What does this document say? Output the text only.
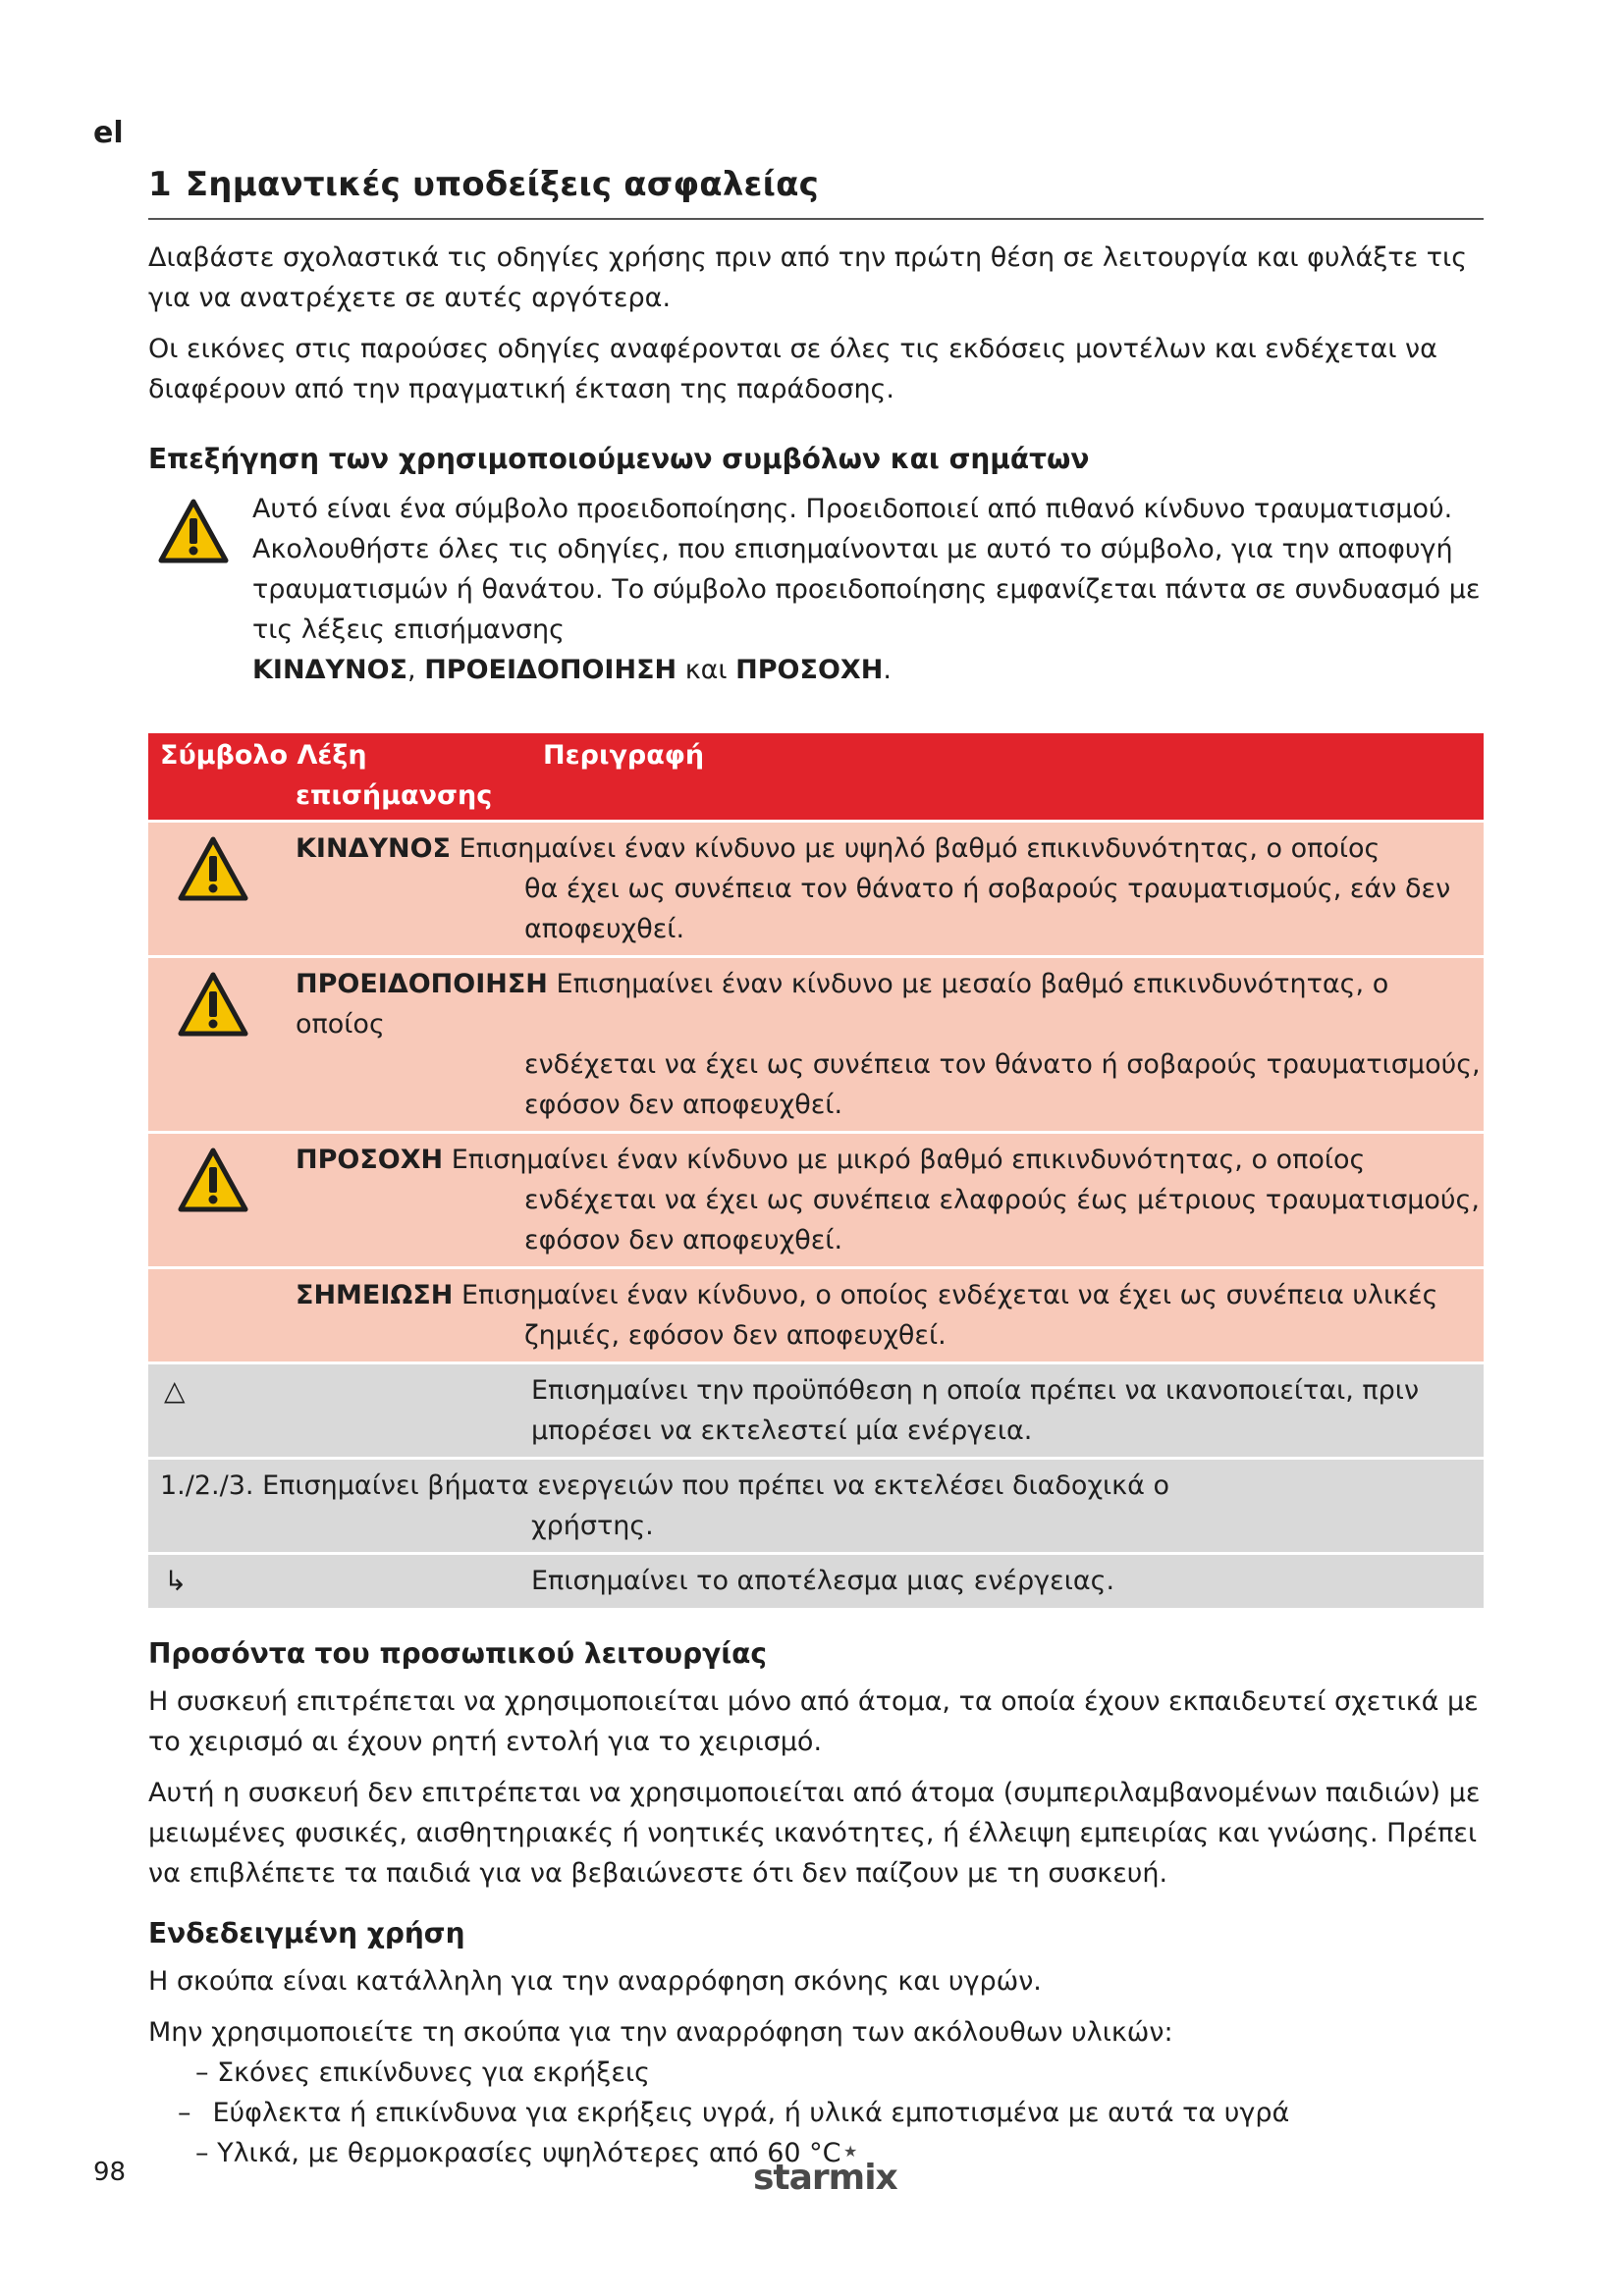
el
1 Σημαντικές υποδείξεις ασφαλείας

Διαβάστε σχολαστικά τις οδηγίες χρήσης πριν από την πρώτη θέση σε λειτουργία και φυλάξτε τις για να ανατρέχετε σε αυτές αργότερα.

Οι εικόνες στις παρούσες οδηγίες αναφέρονται σε όλες τις εκδόσεις μοντέλων και ενδέχεται να διαφέρουν από την πραγματική έκταση της παράδοσης.

Επεξήγηση των χρησιμοποιούμενων συμβόλων και σημάτων
Αυτό είναι ένα σύμβολο προειδοποίησης. Προειδοποιεί από πιθανό κίνδυνο τραυματισμού. Ακολουθήστε όλες τις οδηγίες, που επισημαίνονται με αυτό το σύμβολο, για την αποφυγή τραυματισμών ή θανάτου. Το σύμβολο προειδοποίησης εμφανίζεται πάντα σε συνδυασμό με τις λέξεις επισήμανσης
ΚΙΝΔΥΝΟΣ, ΠΡΟΕΙΔΟΠΟΙΗΣΗ και ΠΡΟΣΟΧΗ.
Σύμβολο Λέξη
επισήμανσης	Περιγραφή

ΚΙΝΔΥΝΟΣ Επισημαίνει έναν κίνδυνο με υψηλό βαθμό επικινδυνότητας, ο οποίος
θα έχει ως συνέπεια τον θάνατο ή σοβαρούς τραυματισμούς, εάν δεν αποφευχθεί.	

ΠΡΟΕΙΔΟΠΟΙΗΣΗ Επισημαίνει έναν κίνδυνο με μεσαίο βαθμό επικινδυνότητας, ο οποίος
ενδέχεται να έχει ως συνέπεια τον θάνατο ή σοβαρούς τραυματισμούς, εφόσον δεν αποφευχθεί.	

ΠΡΟΣΟΧΗ Επισημαίνει έναν κίνδυνο με μικρό βαθμό επικινδυνότητας, ο οποίος
ενδέχεται να έχει ως συνέπεια ελαφρούς έως μέτριους τραυματισμούς, εφόσον δεν αποφευχθεί.	

ΣΗΜΕΙΩΣΗ Επισημαίνει έναν κίνδυνο, ο οποίος ενδέχεται να έχει ως συνέπεια υλικές
ζημιές, εφόσον δεν αποφευχθεί.	

△	Επισημαίνει την προϋπόθεση η οποία πρέπει να ικανοποιείται, πριν μπορέσει να εκτελεστεί μία ενέργεια.

1./2./3. Επισημαίνει βήματα ενεργειών που πρέπει να εκτελέσει διαδοχικά ο
χρήστης.	

↳	Επισημαίνει το αποτέλεσμα μιας ενέργειας.
Προσόντα του προσωπικού λειτουργίας

Η συσκευή επιτρέπεται να χρησιμοποιείται μόνο από άτομα, τα οποία έχουν εκπαιδευτεί σχετικά με το χειρισμό αι έχουν ρητή εντολή για το χειρισμό.

Αυτή η συσκευή δεν επιτρέπεται να χρησιμοποιείται από άτομα (συμπεριλαμβανομένων παιδιών) με μειωμένες φυσικές, αισθητηριακές ή νοητικές ικανότητες, ή έλλειψη εμπειρίας και γνώσης. Πρέπει να επιβλέπετε τα παιδιά για να βεβαιώνεστε ότι δεν παίζουν με τη συσκευή.

Ενδεδειγμένη χρήση

Η σκούπα είναι κατάλληλη για την αναρρόφηση σκόνης και υγρών.

Μην χρησιμοποιείτε τη σκούπα για την αναρρόφηση των ακόλουθων υλικών:

– Σκόνες επικίνδυνες για εκρήξεις
– Εύφλεκτα ή επικίνδυνα για εκρήξεις υγρά, ή υλικά εμποτισμένα με αυτά τα υγρά
– Υλικά, με θερμοκρασίες υψηλότερες από 60 °C
98	starmix
★
